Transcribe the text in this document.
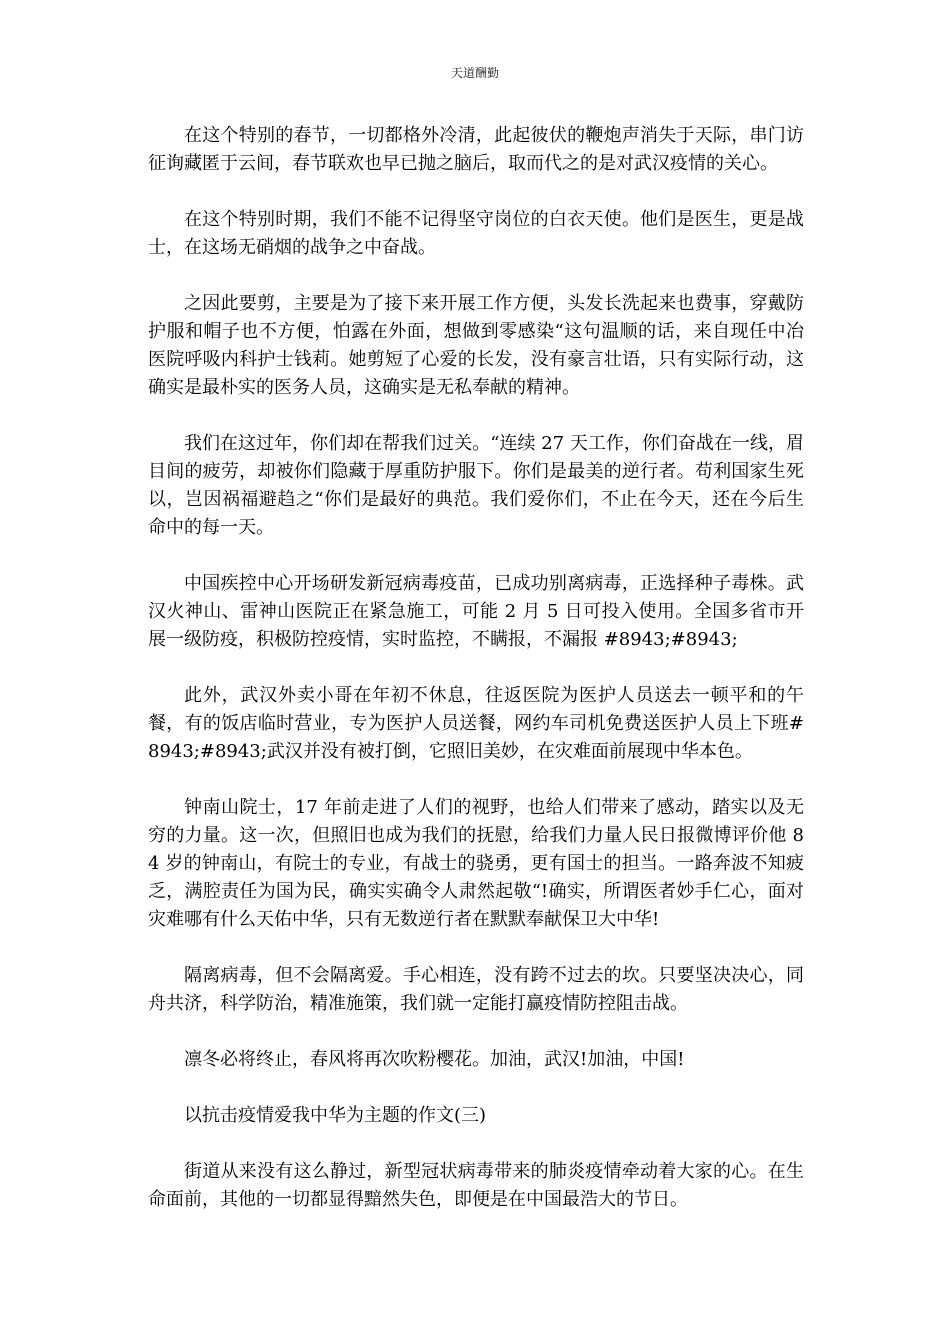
天道酬勤

在这个特别的春节，一切都格外冷清，此起彼伏的鞭炮声消失于天际，串门访征询藏匿于云间，春节联欢也早已抛之脑后，取而代之的是对武汉疫情的关心。

在这个特别时期，我们不能不记得坚守岗位的白衣天使。他们是医生，更是战士，在这场无硝烟的战争之中奋战。

之因此要剪，主要是为了接下来开展工作方便，头发长洗起来也费事，穿戴防护服和帽子也不方便，怕露在外面，想做到零感染“这句温顺的话，来自现任中冶医院呼吸内科护士钱莉。她剪短了心爱的长发，没有豪言壮语，只有实际行动，这确实是最朴实的医务人员，这确实是无私奉献的精神。

我们在这过年，你们却在帮我们过关。“连续 27 天工作，你们奋战在一线，眉目间的疲劳，却被你们隐藏于厚重防护服下。你们是最美的逆行者。苟利国家生死以，岂因祸福避趋之“你们是最好的典范。我们爱你们，不止在今天，还在今后生命中的每一天。

中国疾控中心开场研发新冠病毒疫苗，已成功别离病毒，正选择种子毒株。武汉火神山、雷神山医院正在紧急施工，可能 2 月 5 日可投入使用。全国多省市开展一级防疫，积极防控疫情，实时监控，不瞒报，不漏报 #8943;#8943;

此外，武汉外卖小哥在年初不休息，往返医院为医护人员送去一顿平和的午餐，有的饭店临时营业，专为医护人员送餐，网约车司机免费送医护人员上下班#8943;#8943;武汉并没有被打倒，它照旧美妙，在灾难面前展现中华本色。

钟南山院士，17 年前走进了人们的视野，也给人们带来了感动，踏实以及无穷的力量。这一次，但照旧也成为我们的抚慰，给我们力量人民日报微博评价他 84 岁的钟南山，有院士的专业，有战士的骁勇，更有国士的担当。一路奔波不知疲乏，满腔责任为国为民，确实实确令人肃然起敬“!确实，所谓医者妙手仁心，面对灾难哪有什么天佑中华，只有无数逆行者在默默奉献保卫大中华!

隔离病毒，但不会隔离爱。手心相连，没有跨不过去的坎。只要坚决决心，同舟共济，科学防治，精准施策，我们就一定能打赢疫情防控阻击战。

凛冬必将终止，春风将再次吹粉樱花。加油，武汉!加油，中国!

以抗击疫情爱我中华为主题的作文(三)

街道从来没有这么静过，新型冠状病毒带来的肺炎疫情牵动着大家的心。在生命面前，其他的一切都显得黯然失色，即便是在中国最浩大的节日。
